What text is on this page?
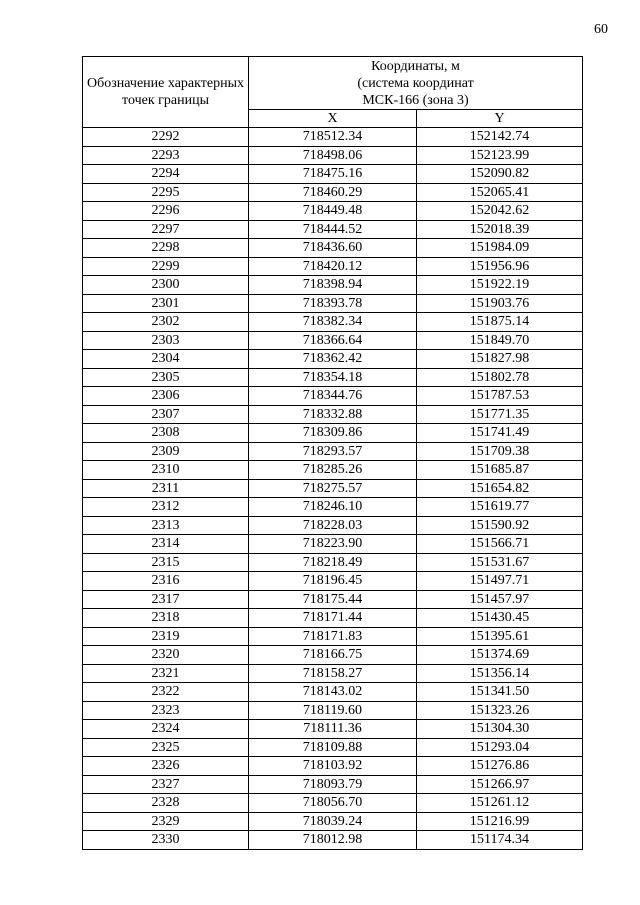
60
Обозначение характерных точек границы	Координаты, м
(система координат
МСК-166 (зона 3)	

	X	Y
2292	718512.34	152142.74
2293	718498.06	152123.99
2294	718475.16	152090.82
2295	718460.29	152065.41
2296	718449.48	152042.62
2297	718444.52	152018.39
2298	718436.60	151984.09
2299	718420.12	151956.96
2300	718398.94	151922.19
2301	718393.78	151903.76
2302	718382.34	151875.14
2303	718366.64	151849.70
2304	718362.42	151827.98
2305	718354.18	151802.78
2306	718344.76	151787.53
2307	718332.88	151771.35
2308	718309.86	151741.49
2309	718293.57	151709.38
2310	718285.26	151685.87
2311	718275.57	151654.82
2312	718246.10	151619.77
2313	718228.03	151590.92
2314	718223.90	151566.71
2315	718218.49	151531.67
2316	718196.45	151497.71
2317	718175.44	151457.97
2318	718171.44	151430.45
2319	718171.83	151395.61
2320	718166.75	151374.69
2321	718158.27	151356.14
2322	718143.02	151341.50
2323	718119.60	151323.26
2324	718111.36	151304.30
2325	718109.88	151293.04
2326	718103.92	151276.86
2327	718093.79	151266.97
2328	718056.70	151261.12
2329	718039.24	151216.99
2330	718012.98	151174.34
